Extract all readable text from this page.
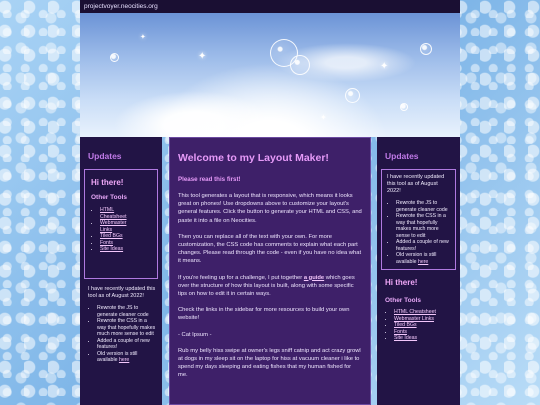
projectvoyer.neocities.org
✦
✦
✦
✦
Updates
Hi there!
Other Tools
• HTML Cheatsheet
• Webmaster Links
• Tiled BGs
• Fonts
• Site Ideas
I have recently updated this tool as of August 2022!
• Rewrote the JS to generate cleaner code
• Rewrote the CSS in a way that hopefully makes much more sense to edit
• Added a couple of new features!
• Old version is still available here
Welcome to my Layout Maker!

Please read this first!

This tool generates a layout that is responsive, which means it looks great on phones! Use dropdowns above to customize your layout's general features. Click the button to generate your HTML and CSS, and paste it into a file on Neocities.

Then you can replace all of the text with your own. For more customization, the CSS code has comments to explain what each part changes. Please read through the code - even if you have no idea what it means.

If you're feeling up for a challenge, I put together a guide which goes over the structure of how this layout is built, along with some specific tips on how to edit it in certain ways.

Check the links in the sidebar for more resources to build your own website!

- Cat Ipsum -

Rub my belly hiss swipe at owner's legs sniff catnip and act crazy growl at dogs in my sleep sit on the laptop for hiss at vacuum cleaner i like to spend my days sleeping and eating fishes that my human fished for me.

Updates
I have recently updated this tool as of August 2022!
• Rewrote the JS to generate cleaner code
• Rewrote the CSS in a way that hopefully makes much more sense to edit
• Added a couple of new features!
• Old version is still available here
Hi there!
Other Tools
• HTML Cheatsheet
• Webmaster Links
• Tiled BGs
• Fonts
• Site Ideas
